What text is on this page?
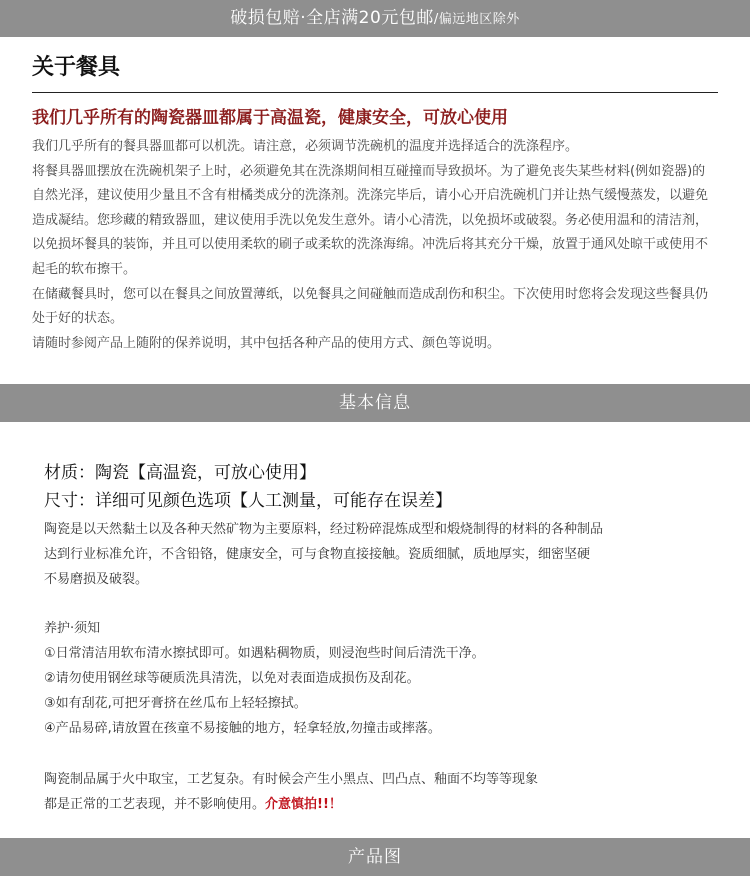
破损包赔·全店满20元包邮/偏远地区除外
关于餐具
我们几乎所有的陶瓷器皿都属于高温瓷，健康安全，可放心使用

我们几乎所有的餐具器皿都可以机洗。请注意，必须调节洗碗机的温度并选择适合的洗涤程序。

将餐具器皿摆放在洗碗机架子上时，必须避免其在洗涤期间相互碰撞而导致损坏。为了避免丧失某些材料(例如瓷器)的自然光泽，建议使用少量且不含有柑橘类成分的洗涤剂。洗涤完毕后，请小心开启洗碗机门并让热气缓慢蒸发，以避免造成凝结。您珍藏的精致器皿，建议使用手洗以免发生意外。请小心清洗，以免损坏或破裂。务必使用温和的清洁剂，以免损坏餐具的装饰，并且可以使用柔软的刷子或柔软的洗涤海绵。冲洗后将其充分干燥，放置于通风处晾干或使用不起毛的软布擦干。

在储藏餐具时，您可以在餐具之间放置薄纸，以免餐具之间碰触而造成刮伤和积尘。下次使用时您将会发现这些餐具仍处于好的状态。

请随时参阅产品上随附的保养说明，其中包括各种产品的使用方式、颜色等说明。

基本信息

材质：陶瓷【高温瓷，可放心使用】

尺寸：详细可见颜色选项【人工测量，可能存在误差】

陶瓷是以天然黏土以及各种天然矿物为主要原料，经过粉碎混炼成型和煅烧制得的材料的各种制品

达到行业标准允许，不含铅铬，健康安全，可与食物直接接触。瓷质细腻，质地厚实，细密坚硬

不易磨损及破裂。

养护·须知

①日常清洁用软布清水擦拭即可。如遇粘稠物质，则浸泡些时间后清洗干净。

②请勿使用钢丝球等硬质洗具清洗，以免对表面造成损伤及刮花。

③如有刮花,可把牙膏挤在丝瓜布上轻轻擦拭。

④产品易碎,请放置在孩童不易接触的地方，轻拿轻放,勿撞击或摔落。

陶瓷制品属于火中取宝，工艺复杂。有时候会产生小黑点、凹凸点、釉面不均等等现象

都是正常的工艺表现，并不影响使用。介意慎拍!!！

产品图
